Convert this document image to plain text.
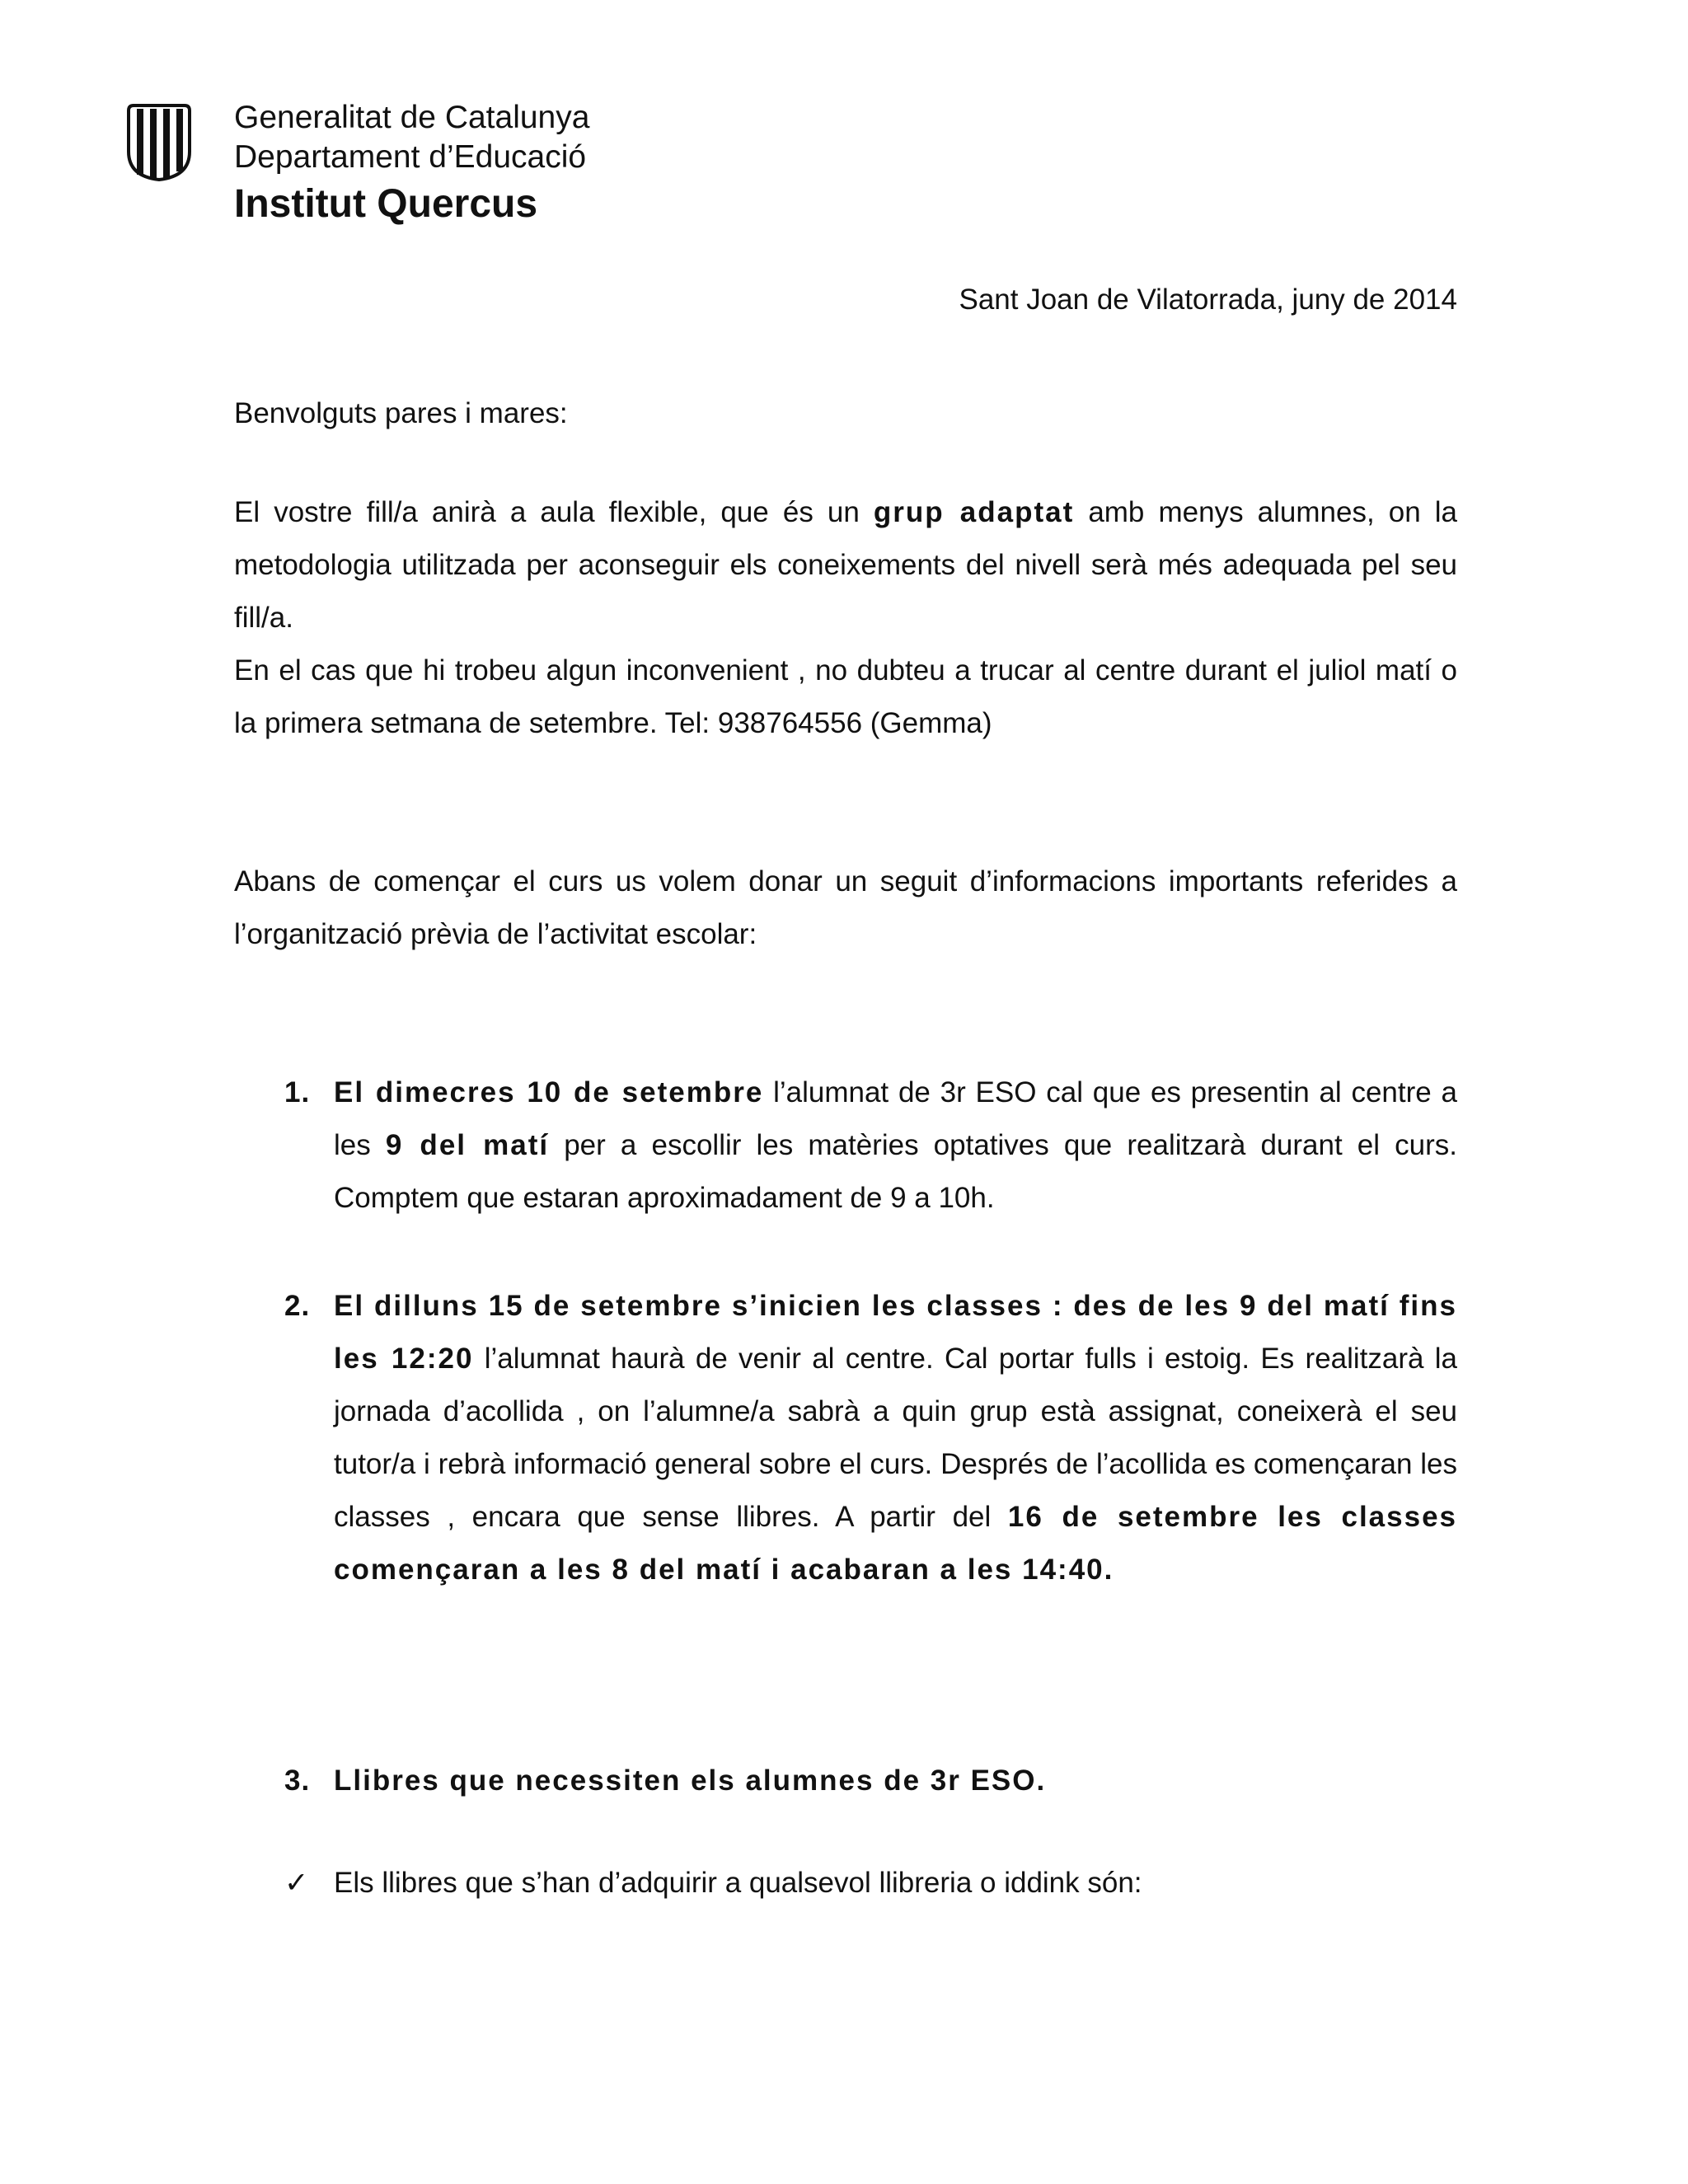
Generalitat de Catalunya
Departament d’Educació
Institut Quercus
Sant Joan de Vilatorrada, juny de 2014
Benvolguts pares i mares:
El vostre fill/a anirà a aula flexible, que és un grup adaptat amb menys alumnes, on la metodologia utilitzada per aconseguir els coneixements del nivell serà més adequada pel seu fill/a.
En el cas que hi trobeu algun inconvenient , no dubteu a trucar al centre durant el juliol matí o la primera setmana de setembre. Tel: 938764556 (Gemma)
Abans de començar el curs us volem donar un seguit d’informacions importants referides a l’organització prèvia de l’activitat escolar:
1. El dimecres 10 de setembre l’alumnat de 3r ESO cal que es presentin al centre a les 9 del matí per a escollir les matèries optatives que realitzarà durant el curs. Comptem que estaran aproximadament de 9 a 10h.
2. El dilluns 15 de setembre s’inicien les classes : des de les 9 del matí fins les 12:20 l’alumnat haurà de venir al centre. Cal portar fulls i estoig. Es realitzarà la jornada d’acollida , on l’alumne/a sabrà a quin grup està assignat, coneixerà el seu tutor/a i rebrà informació general sobre el curs. Després de l’acollida es començaran les classes , encara que sense llibres. A partir del 16 de setembre les classes començaran a les 8 del matí i acabaran a les 14:40.
3. Llibres que necessiten els alumnes de 3r ESO.
✓ Els llibres que s’han d’adquirir a qualsevol llibreria o iddink són:
